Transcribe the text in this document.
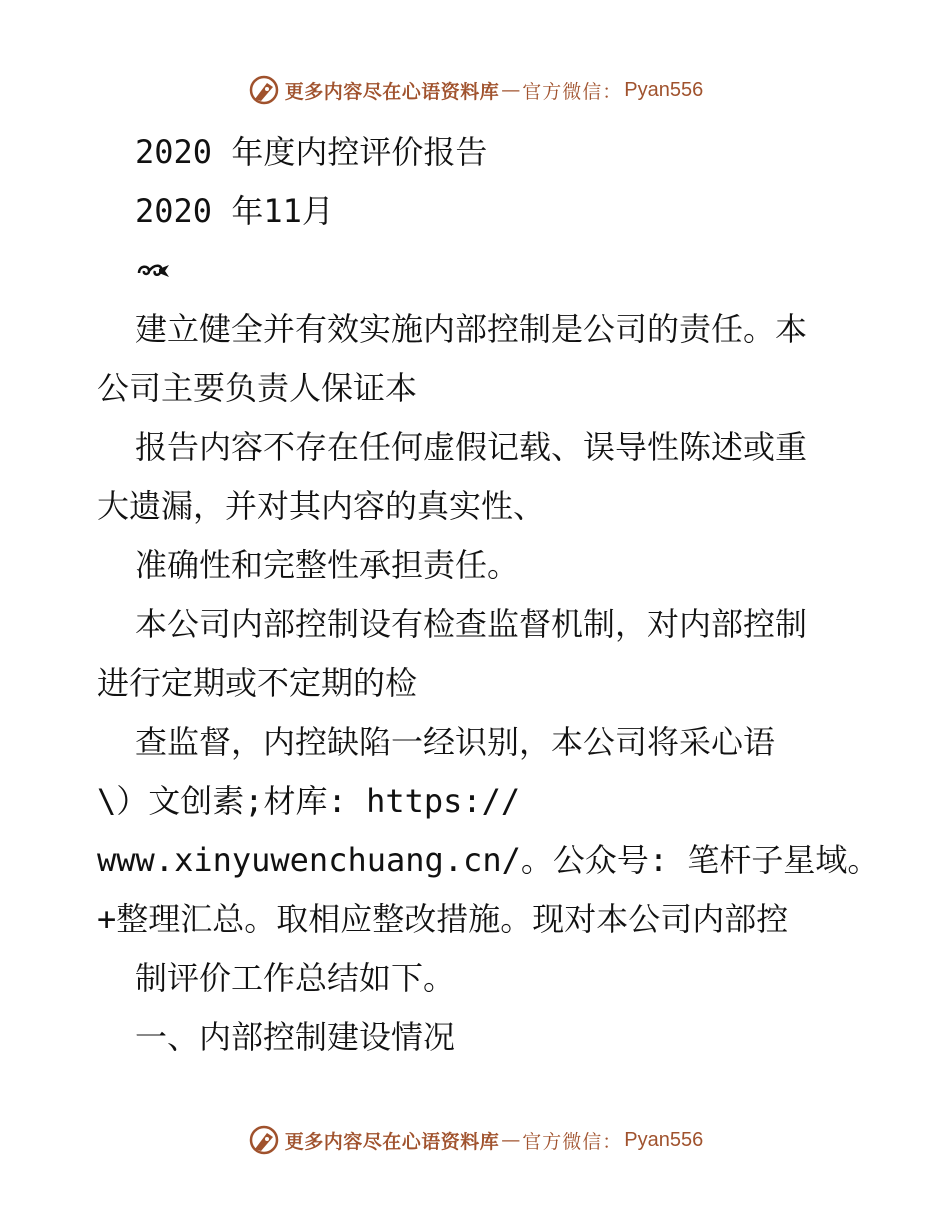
更多内容尽在心语资料库 — 官方微信： Pyan556
2020 年度内控评价报告
2020 年11月
建立健全并有效实施内部控制是公司的责任。本
公司主要负责人保证本
报告内容不存在任何虚假记载、误导性陈述或重
大遗漏，并对其内容的真实性、
准确性和完整性承担责任。
本公司内部控制设有检查监督机制，对内部控制
进行定期或不定期的检
查监督，内控缺陷一经识别，本公司将采心语
\）文创素;材库: https://
www.xinyuwenchuang.cn/。公众号: 笔杆子星域。
+整理汇总。取相应整改措施。现对本公司内部控
制评价工作总结如下。
一、内部控制建设情况
更多内容尽在心语资料库 — 官方微信： Pyan556
